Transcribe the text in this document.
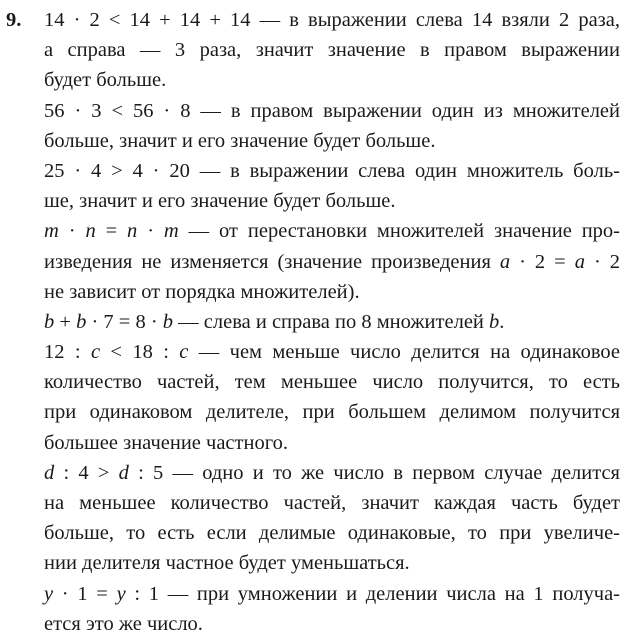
9. 14 · 2 < 14 + 14 + 14 — в выражении слева 14 взяли 2 раза,
а справа — 3 раза, значит значение в правом выражении
будет больше.
56 · 3 < 56 · 8 — в правом выражении один из множителей
больше, значит и его значение будет больше.
25 · 4 > 4 · 20 — в выражении слева один множитель боль-
ше, значит и его значение будет больше.
m · n = n · m — от перестановки множителей значение про-
изведения не изменяется (значение произведения a · 2 = a · 2
не зависит от порядка множителей).
b + b · 7 = 8 · b — слева и справа по 8 множителей b.
12 : c < 18 : c — чем меньше число делится на одинаковое
количество частей, тем меньшее число получится, то есть
при одинаковом делителе, при большем делимом получится
большее значение частного.
d : 4 > d : 5 — одно и то же число в первом случае делится
на меньшее количество частей, значит каждая часть будет
больше, то есть если делимые одинаковые, то при увеличе-
нии делителя частное будет уменьшаться.
y · 1 = y : 1 — при умножении и делении числа на 1 получа-
ется это же число.
